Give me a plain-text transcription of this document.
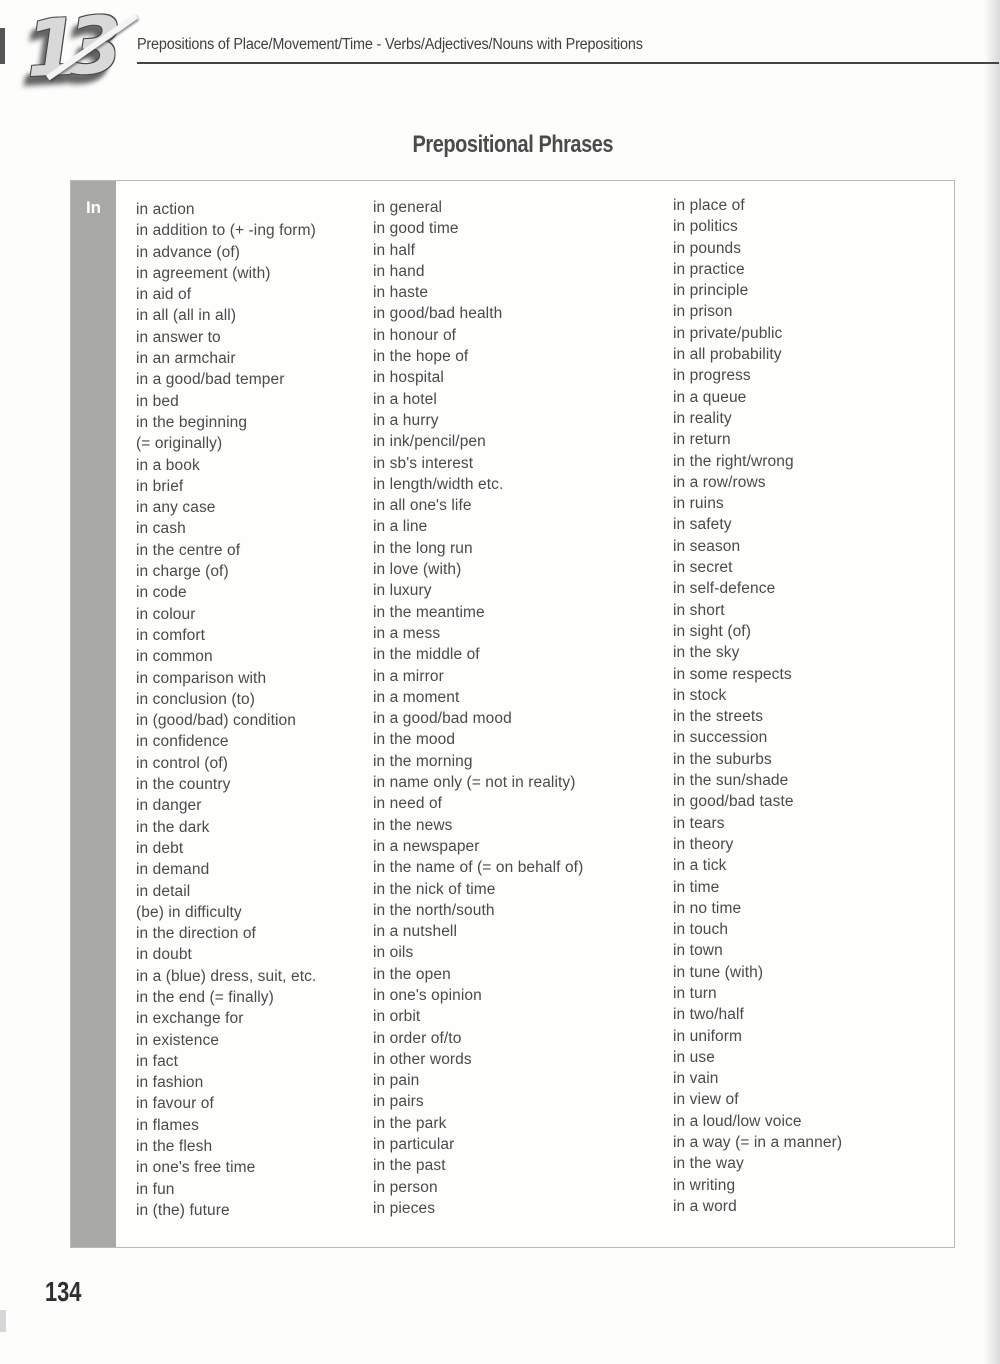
13	Prepositions of Place/Movement/Time - Verbs/Adjectives/Nouns with Prepositions
Prepositional Phrases
In	in action
in addition to (+ -ing form)
in advance (of)
in agreement (with)
in aid of
in all (all in all)
in answer to
in an armchair
in a good/bad temper
in bed
in the beginning
(= originally)
in a book
in brief
in any case
in cash
in the centre of
in charge (of)
in code
in colour
in comfort
in common
in comparison with
in conclusion (to)
in (good/bad) condition
in confidence
in control (of)
in the country
in danger
in the dark
in debt
in demand
in detail
(be) in difficulty
in the direction of
in doubt
in a (blue) dress, suit, etc.
in the end (= finally)
in exchange for
in existence
in fact
in fashion
in favour of
in flames
in the flesh
in one's free time
in fun
in (the) future
in general
in good time
in half
in hand
in haste
in good/bad health
in honour of
in the hope of
in hospital
in a hotel
in a hurry
in ink/pencil/pen
in sb's interest
in length/width etc.
in all one's life
in a line
in the long run
in love (with)
in luxury
in the meantime
in a mess
in the middle of
in a mirror
in a moment
in a good/bad mood
in the mood
in the morning
in name only (= not in reality)
in need of
in the news
in a newspaper
in the name of (= on behalf of)
in the nick of time
in the north/south
in a nutshell
in oils
in the open
in one's opinion
in orbit
in order of/to
in other words
in pain
in pairs
in the park
in particular
in the past
in person
in pieces
in place of
in politics
in pounds
in practice
in principle
in prison
in private/public
in all probability
in progress
in a queue
in reality
in return
in the right/wrong
in a row/rows
in ruins
in safety
in season
in secret
in self-defence
in short
in sight (of)
in the sky
in some respects
in stock
in the streets
in succession
in the suburbs
in the sun/shade
in good/bad taste
in tears
in theory
in a tick
in time
in no time
in touch
in town
in tune (with)
in turn
in two/half
in uniform
in use
in vain
in view of
in a loud/low voice
in a way (= in a manner)
in the way
in writing
in a word
134
